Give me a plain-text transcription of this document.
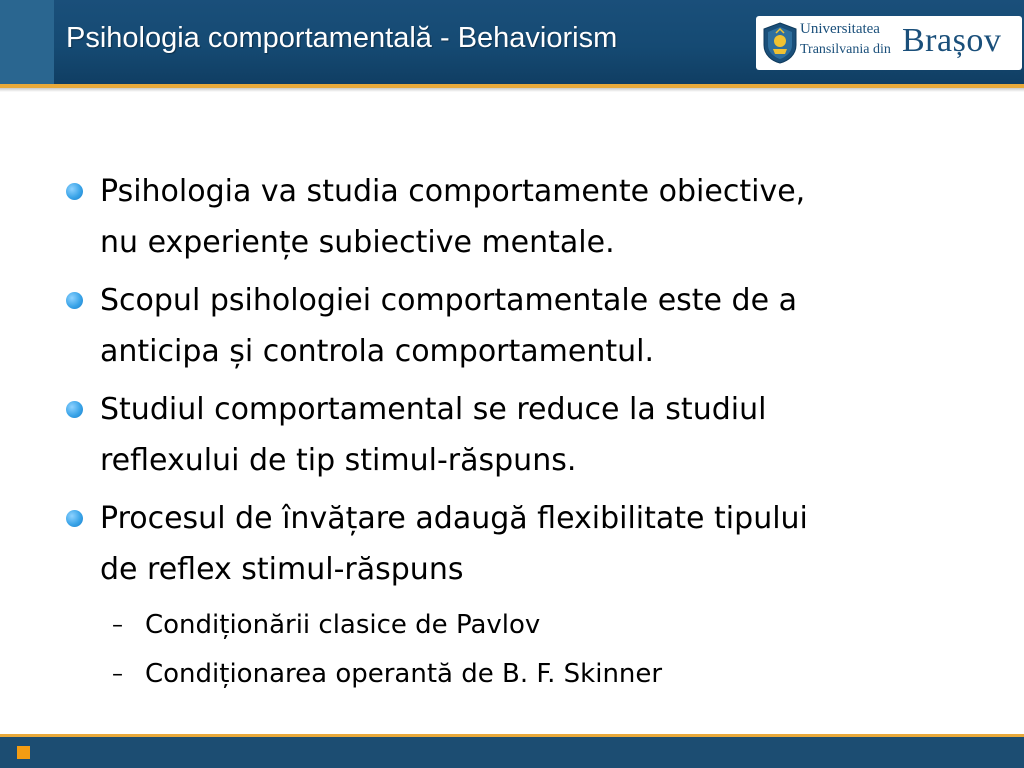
Psihologia comportamentală - Behaviorism	Universitatea
Transilvania din Brașov
Psihologia va studia comportamente obiective,
nu experiențe subiective mentale.
Scopul psihologiei comportamentale este de a
anticipa și controla comportamentul.
Studiul comportamental se reduce la studiul
reflexului de tip stimul-răspuns.
Procesul de învățare adaugă flexibilitate tipului
de reflex stimul-răspuns
– Condiționării clasice de Pavlov
– Condiționarea operantă de B. F. Skinner
